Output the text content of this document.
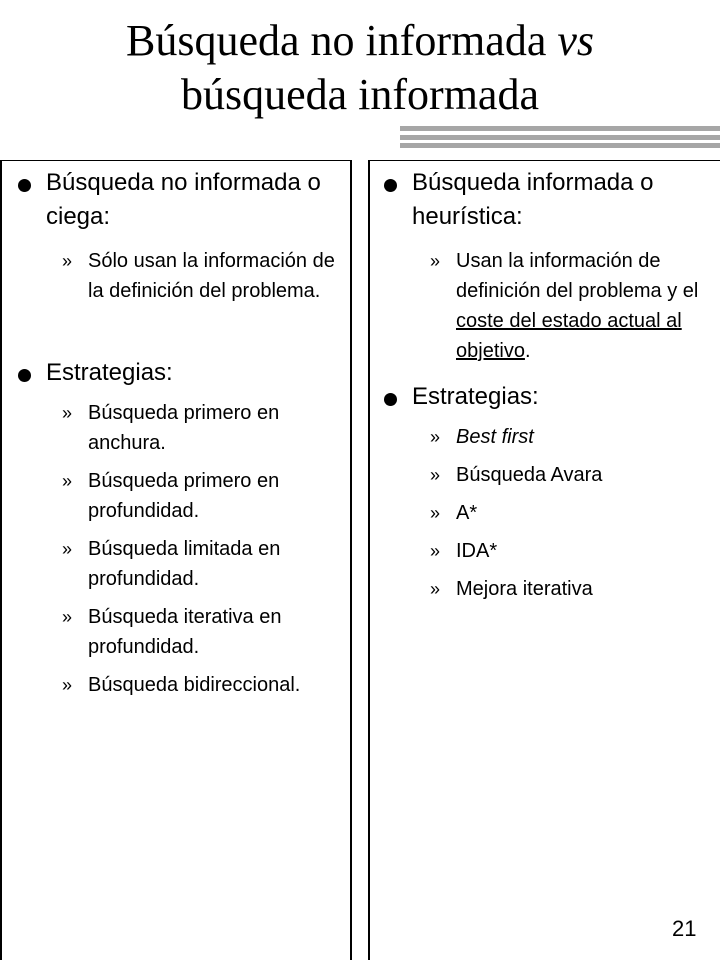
Búsqueda no informada vs
búsqueda informada
Búsqueda no informada o ciega:
» Sólo usan la información de la definición del problema.
Estrategias:
» Búsqueda primero en anchura.
» Búsqueda primero en profundidad.
» Búsqueda limitada en profundidad.
» Búsqueda iterativa en profundidad.
» Búsqueda bidireccional.
Búsqueda informada o heurística:
» Usan la información de definición del problema y el coste del estado actual al objetivo.
Estrategias:
» Best first
» Búsqueda Avara
» A*
» IDA*
» Mejora iterativa
21
